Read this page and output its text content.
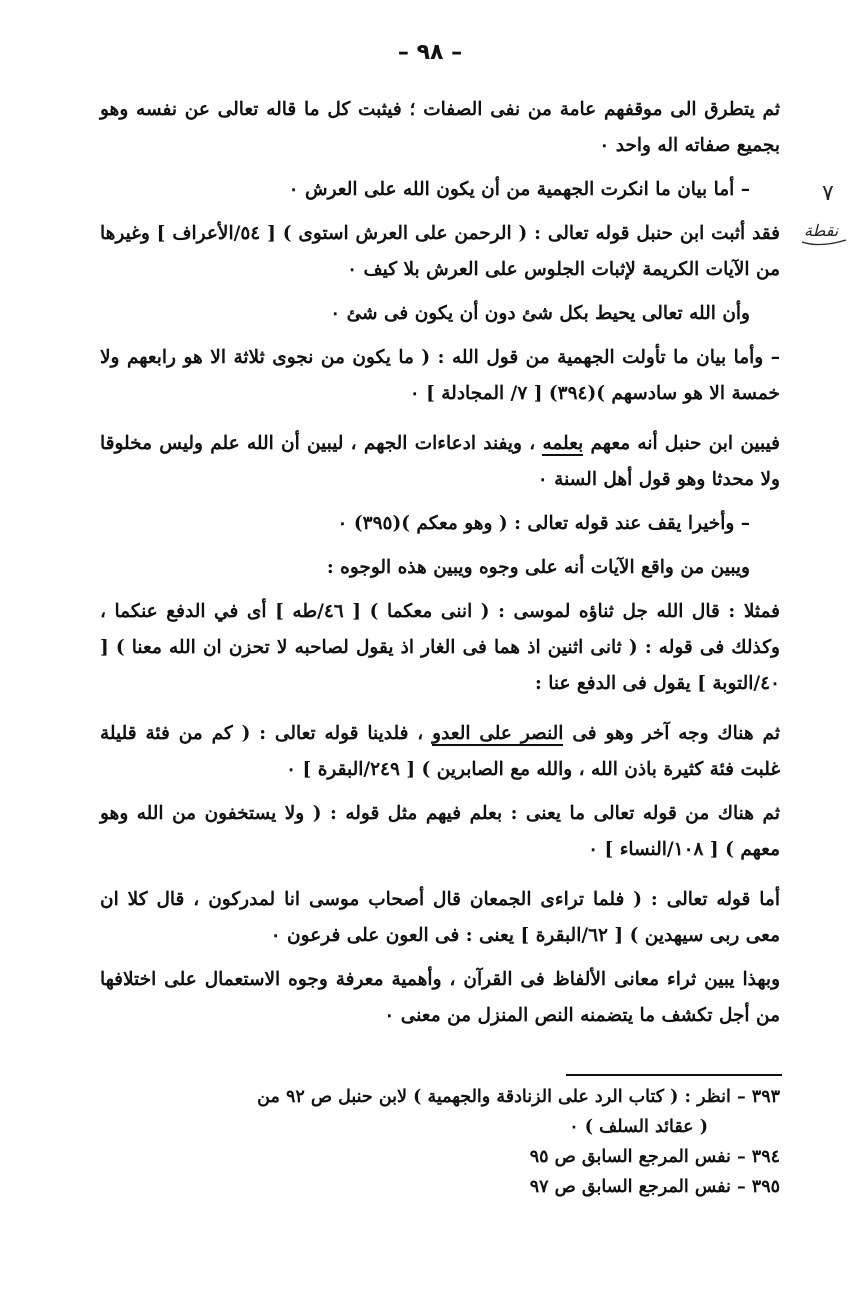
– ٩٨ –
٧
نقطة

ثم يتطرق الى موقفهم عامة من نفى الصفات ؛ فيثبت كل ما قاله تعالى عن نفسه وهو بجميع صفاته اله واحد ٠

– أما بيان ما انكرت الجهمية من أن يكون الله على العرش ٠

فقد أثبت ابن حنبل قوله تعالى : ( الرحمن على العرش استوى ) [ ٥٤/الأعراف ] وغيرها من الآيات الكريمة لإثبات الجلوس على العرش بلا كيف ٠

وأن الله تعالى يحيط بكل شئ دون أن يكون فى شئ ٠

– وأما بيان ما تأولت الجهمية من قول الله : ( ما يكون من نجوى ثلاثة الا هو رابعهم ولا خمسة الا هو سادسهم )(٣٩٤) [ ٧/ المجادلة ] ٠

فيبين ابن حنبل أنه معهم بعلمه ، ويفند ادعاءات الجهم ، ليبين أن الله علم وليس مخلوقا ولا محدثا وهو قول أهل السنة ٠

– وأخيرا يقف عند قوله تعالى : ( وهو معكم )(٣٩٥) ٠

ويبين من واقع الآيات أنه على وجوه ويبين هذه الوجوه :

فمثلا : قال الله جل ثناؤه لموسى : ( اننى معكما ) [ ٤٦/طه ] أى في الدفع عنكما ، وكذلك فى قوله : ( ثانى اثنين اذ هما فى الغار اذ يقول لصاحبه لا تحزن ان الله معنا ) [ ٤٠/التوبة ] يقول فى الدفع عنا :

ثم هناك وجه آخر وهو فى النصر على العدو ، فلدينا قوله تعالى : ( كم من فئة قليلة غلبت فئة كثيرة باذن الله ، والله مع الصابرين ) [ ٢٤٩/البقرة ] ٠

ثم هناك من قوله تعالى ما يعنى : بعلم فيهم مثل قوله : ( ولا يستخفون من الله وهو معهم ) [ ١٠٨/النساء ] ٠

أما قوله تعالى : ( فلما تراءى الجمعان قال أصحاب موسى انا لمدركون ، قال كلا ان معى ربى سيهدين ) [ ٦٢/البقرة ] يعنى : فى العون على فرعون ٠

وبهذا يبين ثراء معانى الألفاظ فى القرآن ، وأهمية معرفة وجوه الاستعمال على اختلافها من أجل تكشف ما يتضمنه النص المنزل من معنى ٠

٣٩٣ – انظر : ( كتاب الرد على الزنادقة والجهمية ) لابن حنبل ص ٩٢ من

( عقائد السلف ) ٠

٣٩٤ – نفس المرجع السابق ص ٩٥

٣٩٥ – نفس المرجع السابق ص ٩٧
